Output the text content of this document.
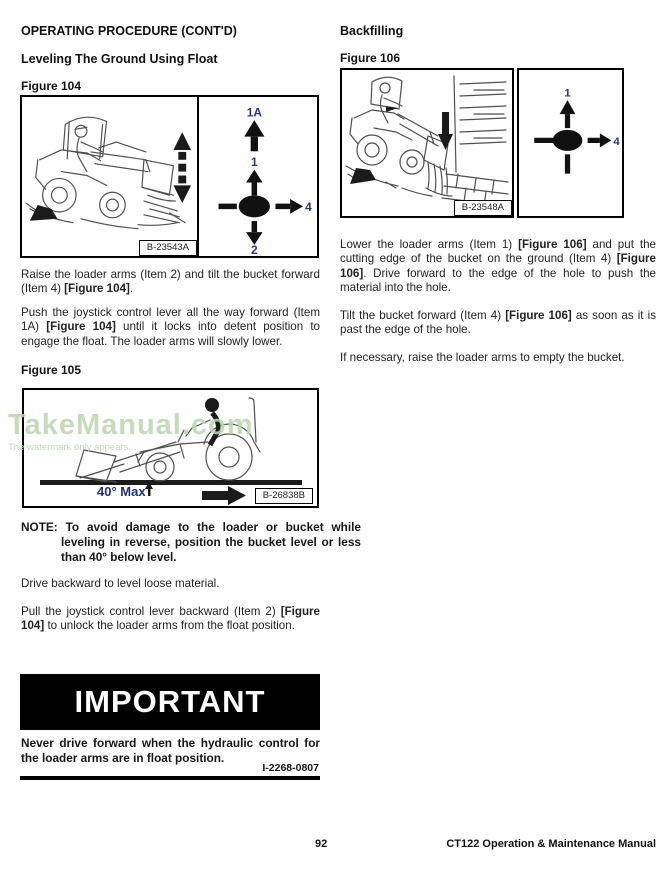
OPERATING PROCEDURE (CONT'D)
Leveling The Ground Using Float
Figure 104
B-23543A
1A
1
4
2
Raise the loader arms (Item 2) and tilt the bucket forward (Item 4) [Figure 104].
Push the joystick control lever all the way forward (Item 1A) [Figure 104] until it locks into detent position to engage the float. The loader arms will slowly lower.
Figure 105
40° Max	B-26838B
TakeManual.com
The watermark only appears...
NOTE: To avoid damage to the loader or bucket while leveling in reverse, position the bucket level or less than 40° below level.
Drive backward to level loose material.
Pull the joystick control lever backward (Item 2) [Figure 104] to unlock the loader arms from the float position.
IMPORTANT
Never drive forward when the hydraulic control for the loader arms are in float position.
I-2268-0807
Backfilling
Figure 106
B-23548A
1
4
Lower the loader arms (Item 1) [Figure 106] and put the cutting edge of the bucket on the ground (Item 4) [Figure 106]. Drive forward to the edge of the hole to push the material into the hole.
Tilt the bucket forward (Item 4) [Figure 106] as soon as it is past the edge of the hole.
If necessary, raise the loader arms to empty the bucket.
92	CT122 Operation & Maintenance Manual
